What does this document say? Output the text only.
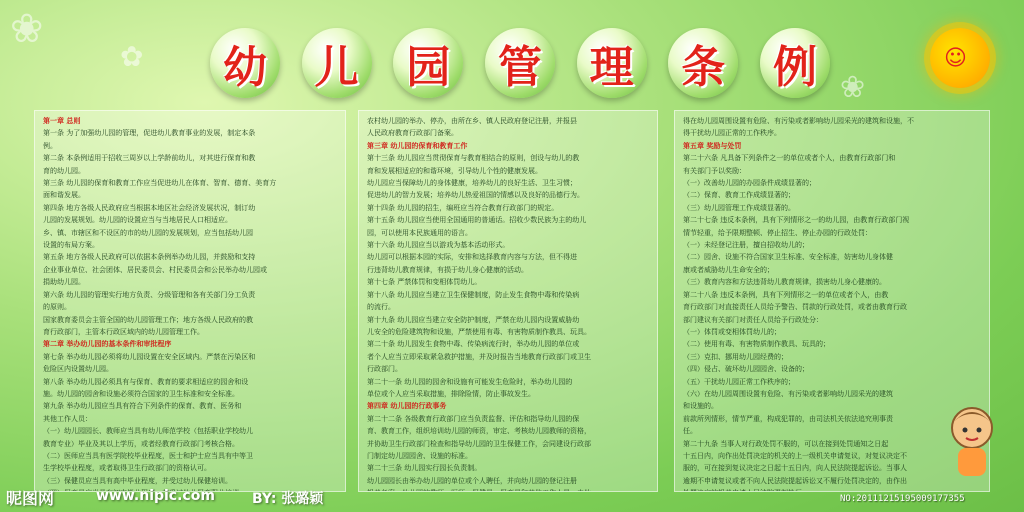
❀
✿
❀
☺
幼 儿 园 管 理 条 例
第一章 总则
第一条 为了加强幼儿园的管理，促进幼儿教育事业的发展，制定本条
例。
第二条 本条例适用于招收三周岁以上学龄前幼儿，对其进行保育和教
育的幼儿园。
第三条 幼儿园的保育和教育工作应当促进幼儿在体育、智育、德育、美育方
面和谐发展。
第四条 地方各级人民政府应当根据本地区社会经济发展状况，制订幼
儿园的发展规划。幼儿园的设置应当与当地居民人口相适应。
乡、镇、市辖区和不设区的市的幼儿园的发展规划，应当包括幼儿园
设置的布局方案。
第五条 地方各级人民政府可以依据本条例举办幼儿园，并鼓励和支持
企业事业单位、社会团体、居民委员会、村民委员会和公民举办幼儿园或
捐助幼儿园。
第六条 幼儿园的管理实行地方负责、分级管理和各有关部门分工负责
的原则。
国家教育委员会主管全国的幼儿园管理工作；地方各级人民政府的教
育行政部门，主管本行政区域内的幼儿园管理工作。
第二章 举办幼儿园的基本条件和审批程序
第七条 举办幼儿园必须将幼儿园设置在安全区域内。严禁在污染区和
危险区内设置幼儿园。
第八条 举办幼儿园必须具有与保育、教育的要求相适应的园舍和设
施。幼儿园的园舍和设施必须符合国家的卫生标准和安全标准。
第九条 举办幼儿园应当具有符合下列条件的保育、教育、医务和
其他工作人员：
（一）幼儿园园长、教师应当具有幼儿师范学校（包括职业学校幼儿
教育专业）毕业及其以上学历，或者经教育行政部门考核合格。
（二）医师应当具有医学院校毕业程度，医士和护士应当具有中等卫
生学校毕业程度，或者取得卫生行政部门的资格认可。
（三）保健员应当具有高中毕业程度，并受过幼儿保健培训。
农村幼儿园的举办、停办，由所在乡、镇人民政府登记注册，并报县
人民政府教育行政部门备案。
第三章 幼儿园的保育和教育工作
第十三条 幼儿园应当贯彻保育与教育相结合的原则，创设与幼儿的教
育和发展相适应的和谐环境，引导幼儿个性的健康发展。
幼儿园应当保障幼儿的身体健康，培养幼儿的良好生活、卫生习惯；
促进幼儿的智力发展；培养幼儿热爱祖国的情感以及良好的品德行为。
第十四条 幼儿园的招生，编班应当符合教育行政部门的规定。
第十五条 幼儿园应当使用全国通用的普通话。招收少数民族为主的幼儿
园，可以使用本民族通用的语言。
第十六条 幼儿园应当以游戏为基本活动形式。
幼儿园可以根据本园的实际，安排和选择教育内容与方法，但不得进
行违背幼儿教育规律，有损于幼儿身心健康的活动。
第十七条 严禁体罚和变相体罚幼儿。
第十八条 幼儿园应当建立卫生保健制度，防止发生食物中毒和传染病
的流行。
第十九条 幼儿园应当建立安全防护制度，严禁在幼儿园内设置威胁幼
儿安全的危险建筑物和设施，严禁使用有毒、有害物质制作教具、玩具。
第二十条 幼儿园发生食物中毒、传染病流行时，举办幼儿园的单位或
者个人应当立即采取紧急救护措施，并及时报告当地教育行政部门或卫生
行政部门。
第二十一条 幼儿园的园舍和设施有可能发生危险时，举办幼儿园的
单位或个人应当采取措施，排除险情，防止事故发生。
第四章 幼儿园的行政事务
第二十二条 各级教育行政部门应当负责监督、评估和指导幼儿园的保
育、教育工作，组织培训幼儿园的师资，审定、考核幼儿园教师的资格，
并协助卫生行政部门检查和指导幼儿园的卫生保健工作，会同建设行政部
门制定幼儿园园舍、设施的标准。
第二十三条 幼儿园实行园长负责制。
幼儿园园长由举办幼儿园的单位或个人聘任，并向幼儿园的登记注册
得在幼儿园周围设置有危险、有污染或者影响幼儿园采光的建筑和设施，不
得干扰幼儿园正常的工作秩序。
第五章 奖励与处罚
第二十六条 凡具备下列条件之一的单位或者个人，由教育行政部门和
有关部门予以奖励：
（一）改善幼儿园的办园条件成绩显著的；
（二）保育、教育工作成绩显著的；
（三）幼儿园管理工作成绩显著的。
第二十七条 违反本条例，具有下列情形之一的幼儿园，由教育行政部门视
情节轻重，给予限期整顿、停止招生、停止办园的行政处罚：
（一）未经登记注册，擅自招收幼儿的；
（二）园舍、设施不符合国家卫生标准、安全标准，妨害幼儿身体健
康或者威胁幼儿生命安全的；
（三）教育内容和方法违背幼儿教育规律，损害幼儿身心健康的。
第二十八条 违反本条例，具有下列情形之一的单位或者个人，由教
育行政部门对直接责任人员给予警告、罚款的行政处罚，或者由教育行政
部门建议有关部门对责任人员给予行政处分：
（一）体罚或变相体罚幼儿的；
（二）使用有毒、有害物质制作教具、玩具的；
（三）克扣、挪用幼儿园经费的；
（四）侵占、破坏幼儿园园舍、设备的；
（五）干扰幼儿园正常工作秩序的；
（六）在幼儿园周围设置有危险、有污染或者影响幼儿园采光的建筑
和设施的。
前款所列情形，情节严重，构成犯罪的，由司法机关依法追究刑事责
任。
第二十九条 当事人对行政处罚不服的，可以在接到处罚通知之日起
十五日内，向作出处罚决定的机关的上一级机关申请复议，对复议决定不
服的，可在接到复议决定之日起十五日内，向人民法院提起诉讼。当事人
逾期不申请复议或者不向人民法院提起诉讼又不履行处罚决定的，由作出
昵图网	www.nipic.com	BY: 张璐颖	NO:20111215195009177355
